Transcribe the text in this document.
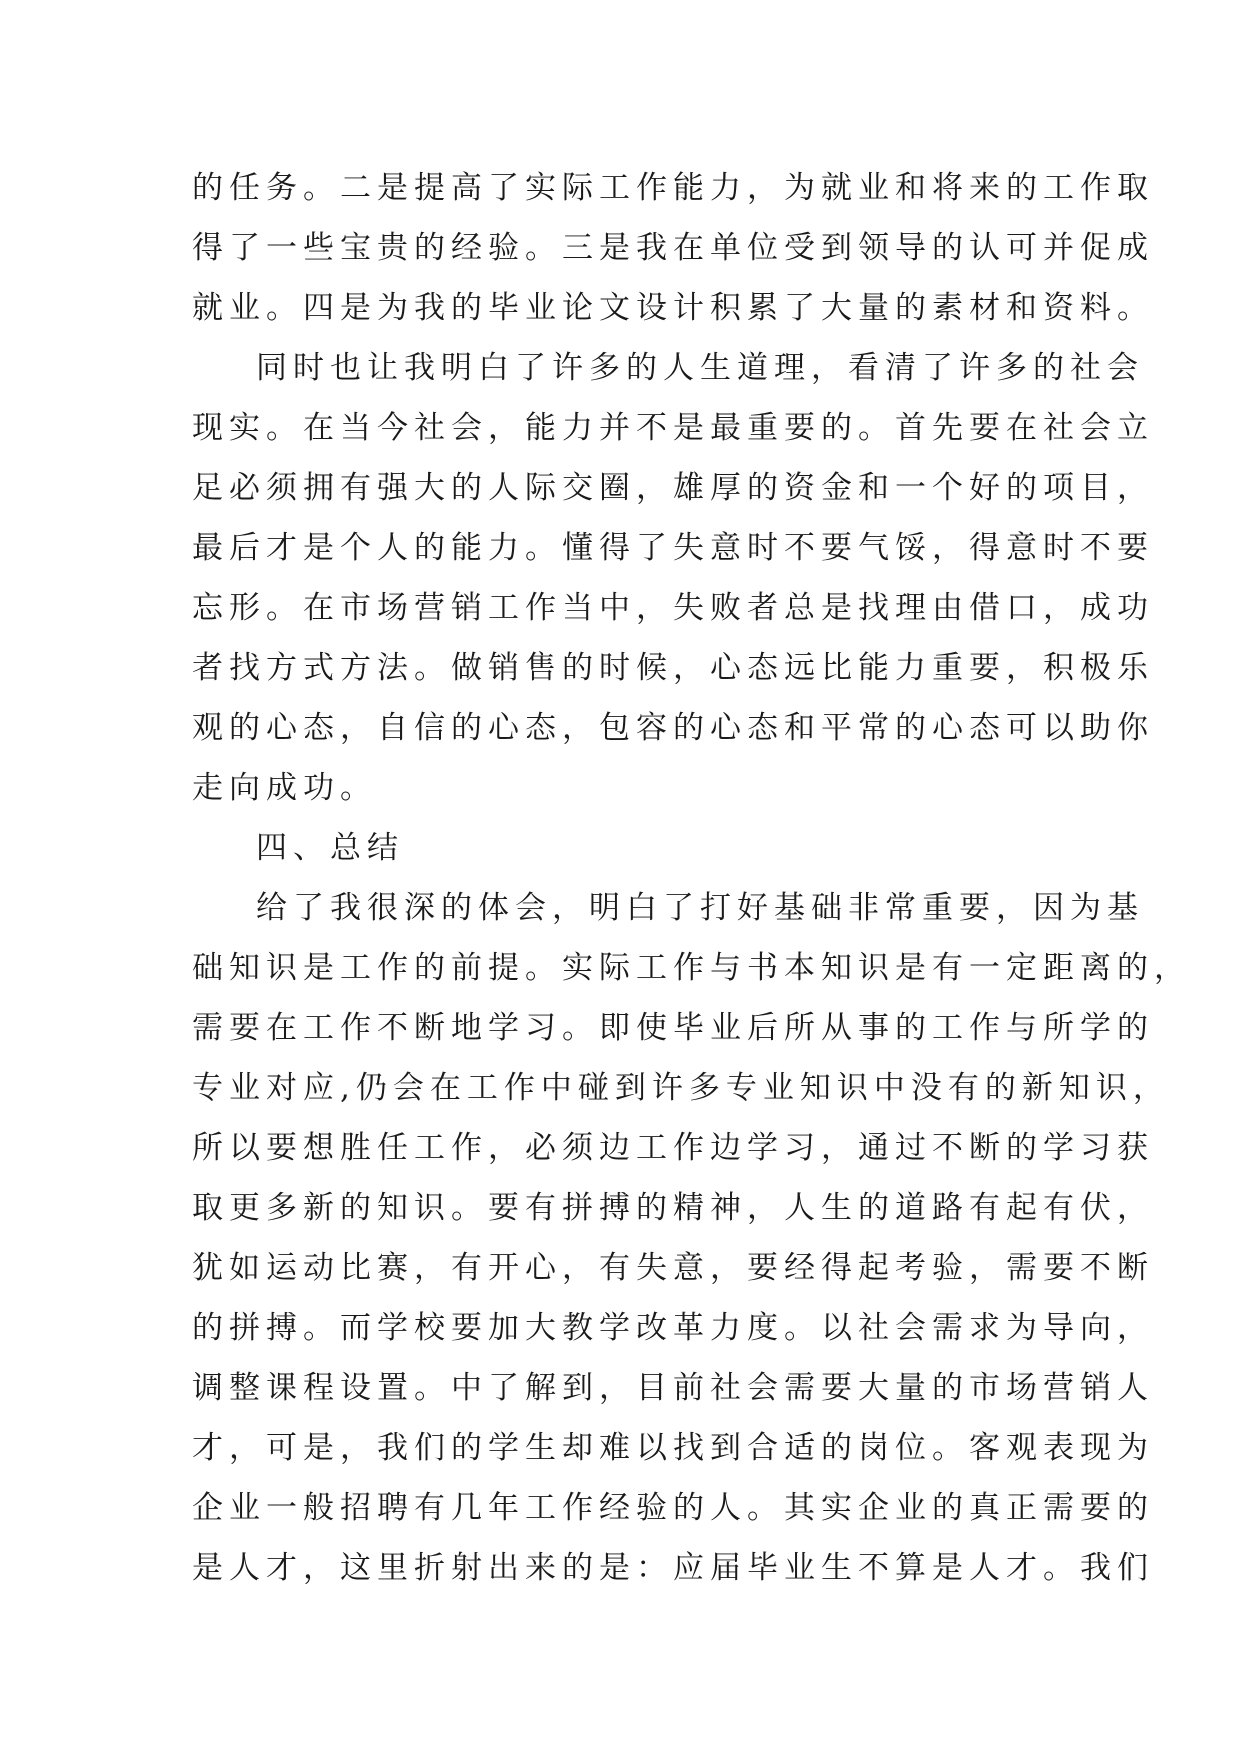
的任务。二是提高了实际工作能力，为就业和将来的工作取
得了一些宝贵的经验。三是我在单位受到领导的认可并促成
就业。四是为我的毕业论文设计积累了大量的素材和资料。

同时也让我明白了许多的人生道理，看清了许多的社会
现实。在当今社会，能力并不是最重要的。首先要在社会立
足必须拥有强大的人际交圈，雄厚的资金和一个好的项目，
最后才是个人的能力。懂得了失意时不要气馁，得意时不要
忘形。在市场营销工作当中，失败者总是找理由借口，成功
者找方式方法。做销售的时候，心态远比能力重要，积极乐
观的心态，自信的心态，包容的心态和平常的心态可以助你
走向成功。

四、总结

给了我很深的体会，明白了打好基础非常重要，因为基
础知识是工作的前提。实际工作与书本知识是有一定距离的，
需要在工作不断地学习。即使毕业后所从事的工作与所学的
专业对应,仍会在工作中碰到许多专业知识中没有的新知识，
所以要想胜任工作，必须边工作边学习，通过不断的学习获
取更多新的知识。要有拼搏的精神，人生的道路有起有伏，
犹如运动比赛，有开心，有失意，要经得起考验，需要不断
的拼搏。而学校要加大教学改革力度。以社会需求为导向，
调整课程设置。中了解到，目前社会需要大量的市场营销人
才，可是，我们的学生却难以找到合适的岗位。客观表现为
企业一般招聘有几年工作经验的人。其实企业的真正需要的
是人才，这里折射出来的是：应届毕业生不算是人才。我们
